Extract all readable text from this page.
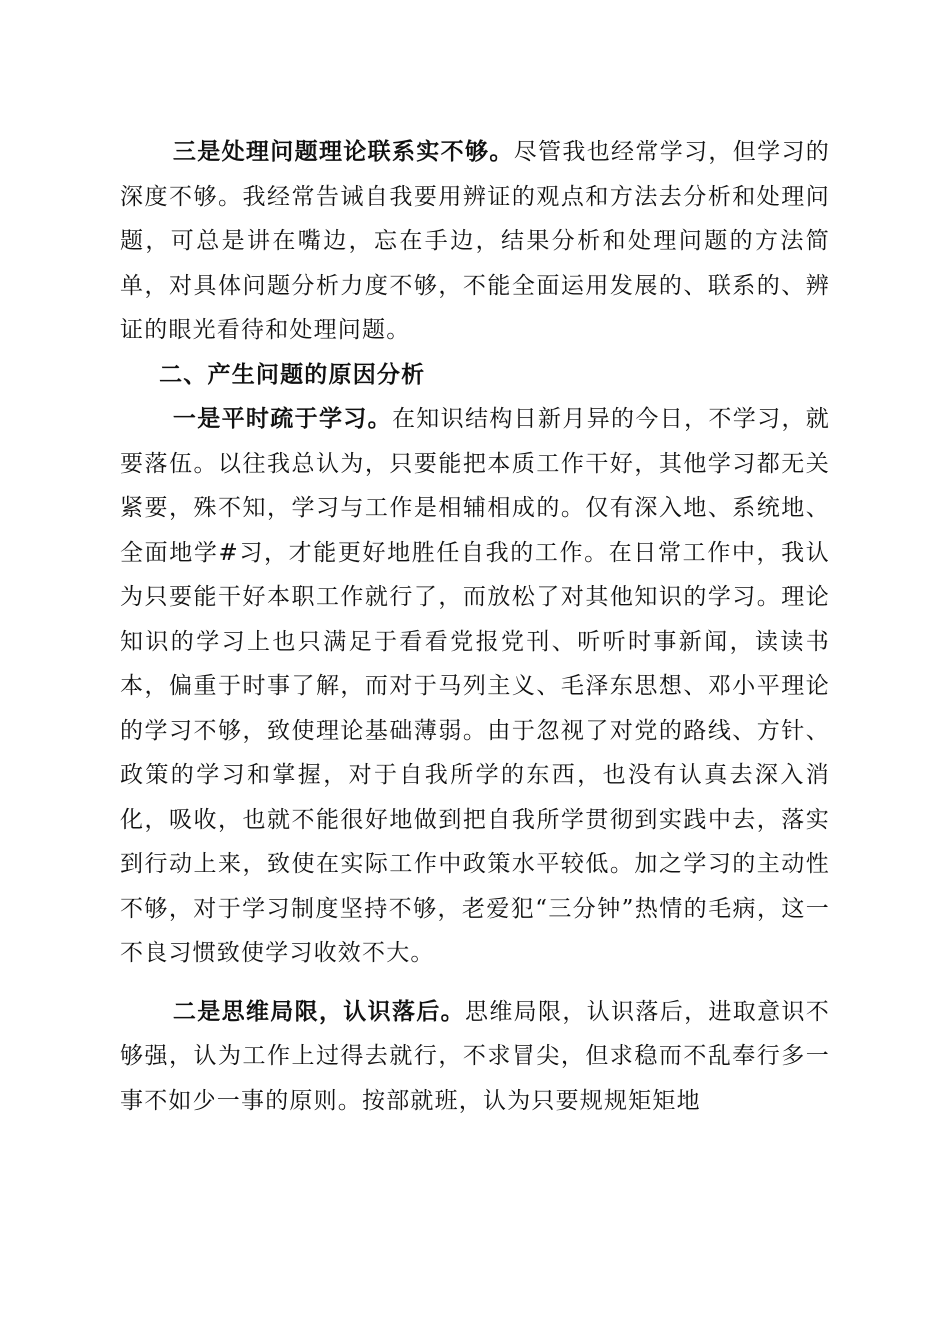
三是处理问题理论联系实不够。尽管我也经常学习，但学习的深度不够。我经常告诫自我要用辨证的观点和方法去分析和处理问题，可总是讲在嘴边，忘在手边，结果分析和处理问题的方法简单，对具体问题分析力度不够，不能全面运用发展的、联系的、辨证的眼光看待和处理问题。

二、产生问题的原因分析

一是平时疏于学习。在知识结构日新月异的今日，不学习，就要落伍。以往我总认为，只要能把本质工作干好，其他学习都无关紧要，殊不知，学习与工作是相辅相成的。仅有深入地、系统地、全面地学#习，才能更好地胜任自我的工作。在日常工作中，我认为只要能干好本职工作就行了，而放松了对其他知识的学习。理论知识的学习上也只满足于看看党报党刊、听听时事新闻，读读书本，偏重于时事了解，而对于马列主义、毛泽东思想、邓小平理论的学习不够，致使理论基础薄弱。由于忽视了对党的路线、方针、政策的学习和掌握，对于自我所学的东西，也没有认真去深入消化，吸收，也就不能很好地做到把自我所学贯彻到实践中去，落实到行动上来，致使在实际工作中政策水平较低。加之学习的主动性不够，对于学习制度坚持不够，老爱犯“三分钟”热情的毛病，这一不良习惯致使学习收效不大。

二是思维局限，认识落后。思维局限，认识落后，进取意识不够强，认为工作上过得去就行，不求冒尖，但求稳而不乱奉行多一事不如少一事的原则。按部就班，认为只要规规矩矩地
